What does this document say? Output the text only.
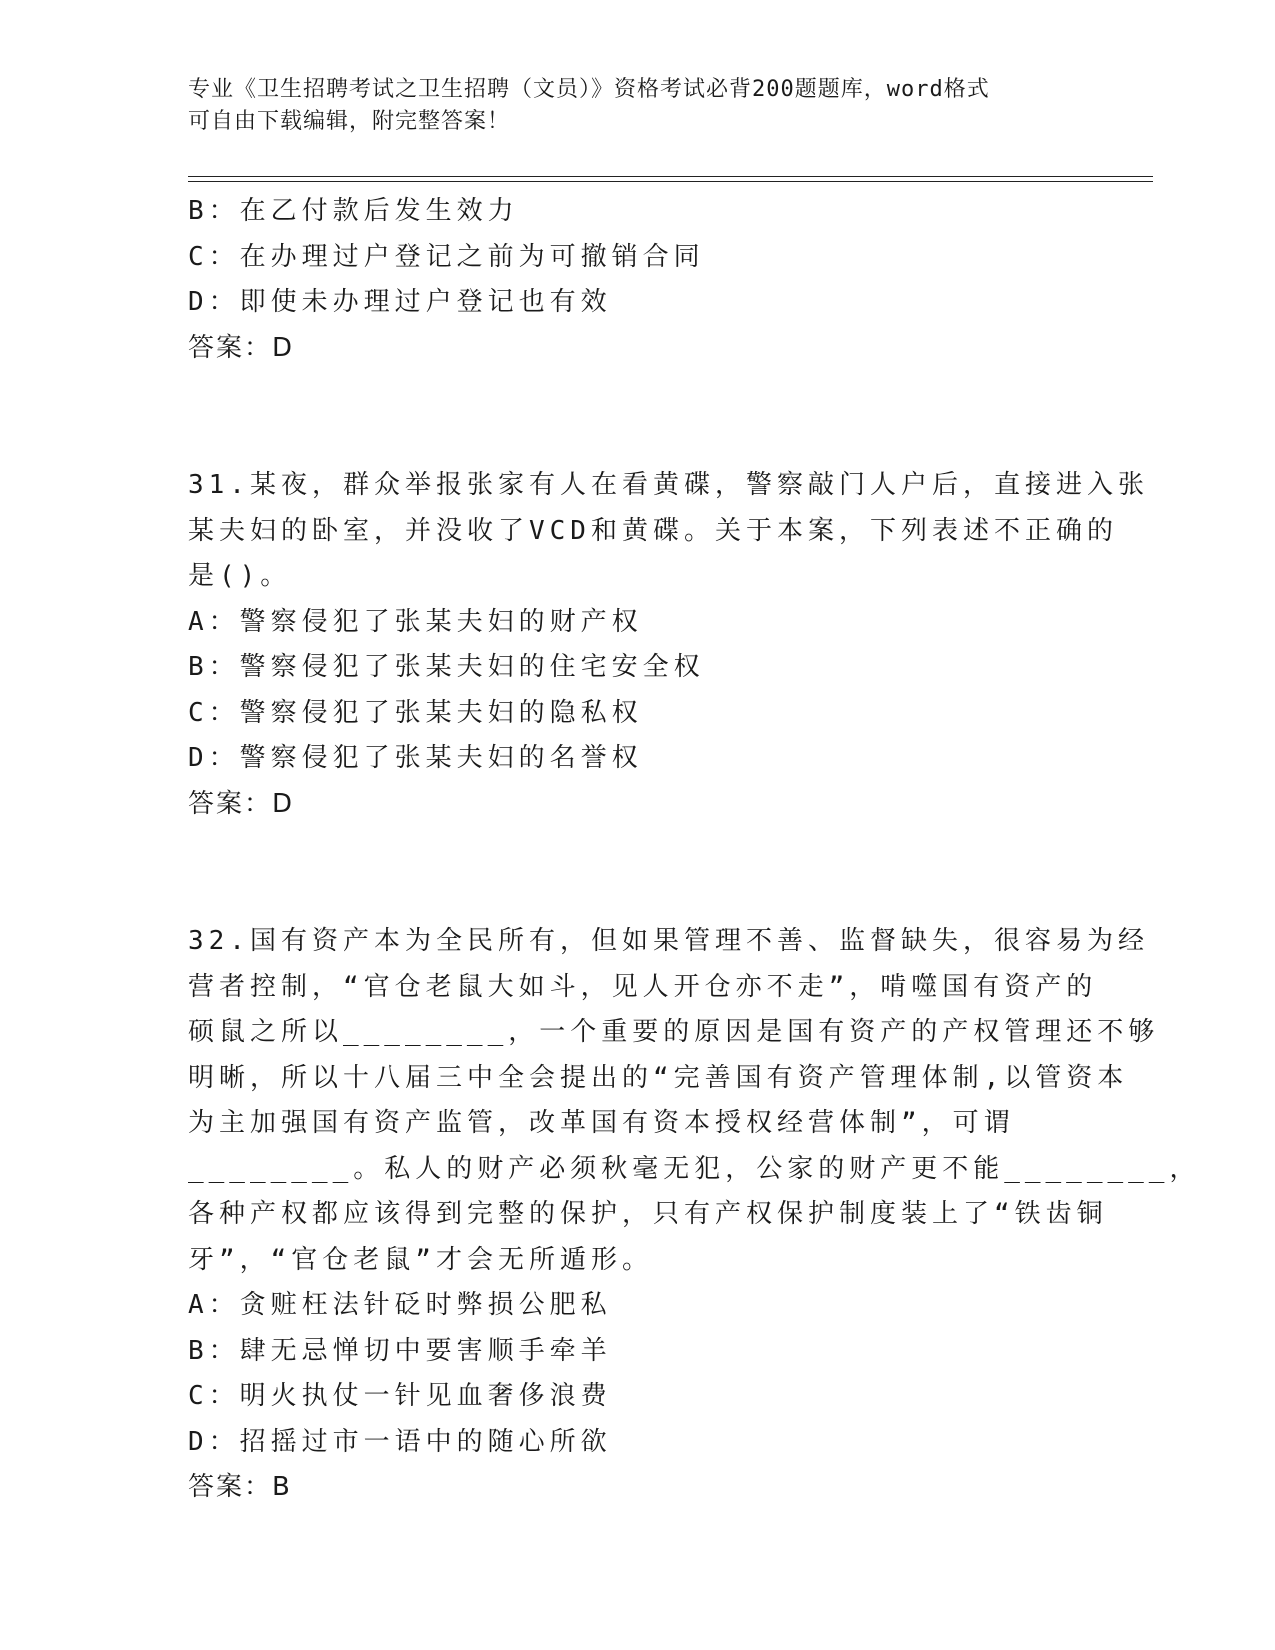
专业《卫生招聘考试之卫生招聘（文员）》资格考试必背200题题库，word格式
可自由下载编辑，附完整答案！
B：在乙付款后发生效力
C：在办理过户登记之前为可撤销合同
D：即使未办理过户登记也有效
答案：D
31.某夜，群众举报张家有人在看黄碟，警察敲门人户后，直接进入张
某夫妇的卧室，并没收了VCD和黄碟。关于本案，下列表述不正确的
是()。
A：警察侵犯了张某夫妇的财产权
B：警察侵犯了张某夫妇的住宅安全权
C：警察侵犯了张某夫妇的隐私权
D：警察侵犯了张某夫妇的名誉权
答案：D
32.国有资产本为全民所有，但如果管理不善、监督缺失，很容易为经
营者控制，“官仓老鼠大如斗，见人开仓亦不走”，啃噬国有资产的
硕鼠之所以________，一个重要的原因是国有资产的产权管理还不够
明晰，所以十八届三中全会提出的“完善国有资产管理体制,以管资本
为主加强国有资产监管，改革国有资本授权经营体制”，可谓
________。私人的财产必须秋毫无犯，公家的财产更不能________，
各种产权都应该得到完整的保护，只有产权保护制度装上了“铁齿铜
牙”，“官仓老鼠”才会无所遁形。
A：贪赃枉法针砭时弊损公肥私
B：肆无忌惮切中要害顺手牵羊
C：明火执仗一针见血奢侈浪费
D：招摇过市一语中的随心所欲
答案：B
